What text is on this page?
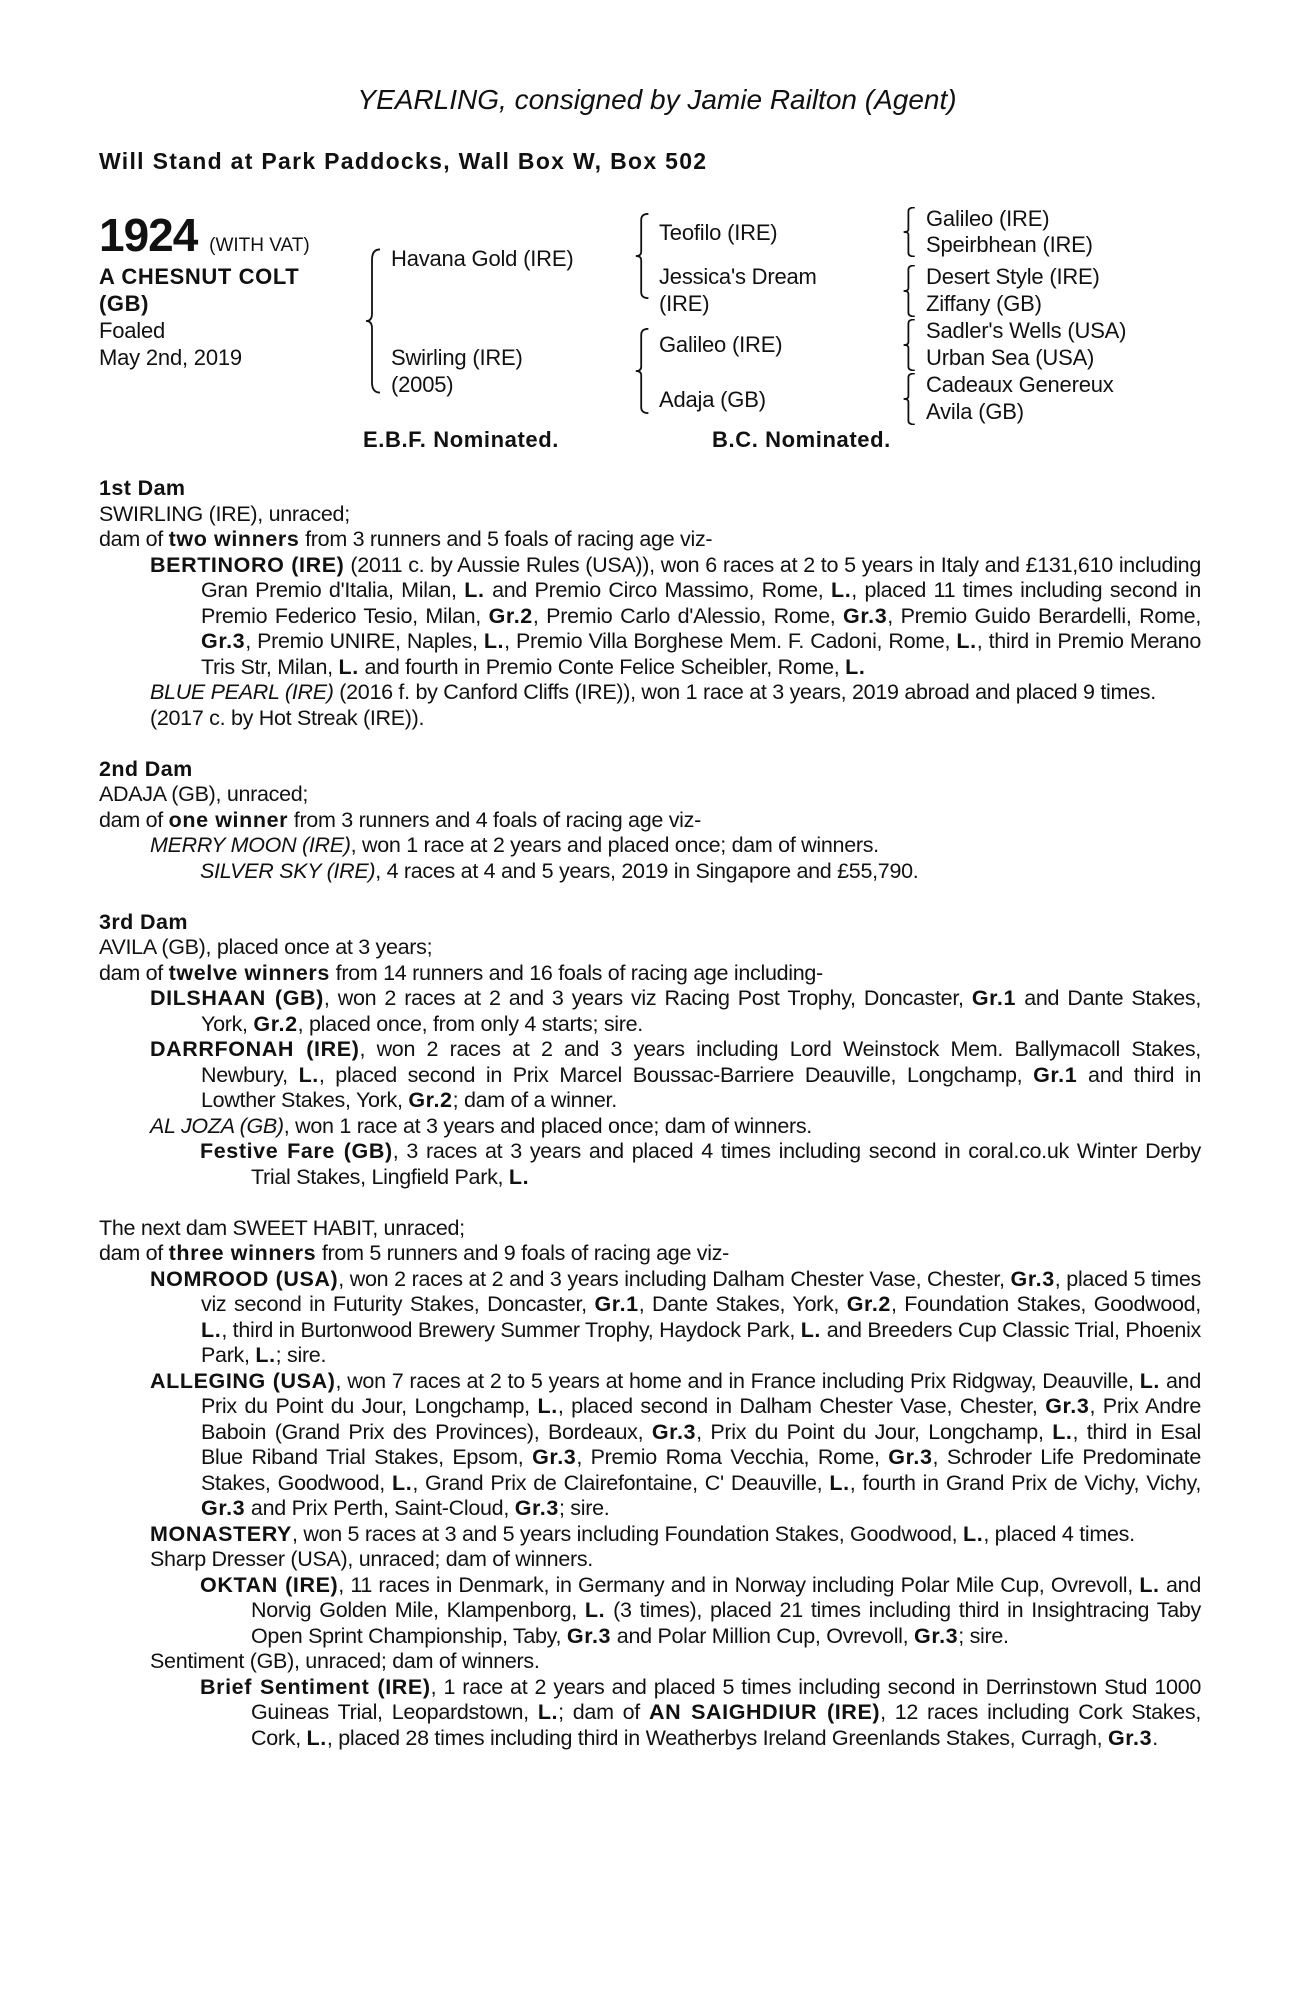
YEARLING, consigned by Jamie Railton (Agent)
Will Stand at Park Paddocks, Wall Box W, Box 502
1924 (WITH VAT)
A CHESNUT COLT
(GB)
Foaled
May 2nd, 2019
Havana Gold (IRE)
Swirling (IRE)
(2005)
Teofilo (IRE)
Jessica's Dream
(IRE)
Galileo (IRE)
Adaja (GB)
Galileo (IRE)
Speirbhean (IRE)
Desert Style (IRE)
Ziffany (GB)
Sadler's Wells (USA)
Urban Sea (USA)
Cadeaux Genereux
Avila (GB)
E.B.F. Nominated.	B.C. Nominated.

1st Dam

SWIRLING (IRE), unraced;

dam of two winners from 3 runners and 5 foals of racing age viz-

BERTINORO (IRE) (2011 c. by Aussie Rules (USA)), won 6 races at 2 to 5 years in Italy and £131,610 including Gran Premio d'Italia, Milan, L. and Premio Circo Massimo, Rome, L., placed 11 times including second in Premio Federico Tesio, Milan, Gr.2, Premio Carlo d'Alessio, Rome, Gr.3, Premio Guido Berardelli, Rome, Gr.3, Premio UNIRE, Naples, L., Premio Villa Borghese Mem. F. Cadoni, Rome, L., third in Premio Merano Tris Str, Milan, L. and fourth in Premio Conte Felice Scheibler, Rome, L.

BLUE PEARL (IRE) (2016 f. by Canford Cliffs (IRE)), won 1 race at 3 years, 2019 abroad and placed 9 times.

(2017 c. by Hot Streak (IRE)).

2nd Dam

ADAJA (GB), unraced;

dam of one winner from 3 runners and 4 foals of racing age viz-

MERRY MOON (IRE), won 1 race at 2 years and placed once; dam of winners.

SILVER SKY (IRE), 4 races at 4 and 5 years, 2019 in Singapore and £55,790.

3rd Dam

AVILA (GB), placed once at 3 years;

dam of twelve winners from 14 runners and 16 foals of racing age including-

DILSHAAN (GB), won 2 races at 2 and 3 years viz Racing Post Trophy, Doncaster, Gr.1 and Dante Stakes, York, Gr.2, placed once, from only 4 starts; sire.

DARRFONAH (IRE), won 2 races at 2 and 3 years including Lord Weinstock Mem. Ballymacoll Stakes, Newbury, L., placed second in Prix Marcel Boussac-Barriere Deauville, Longchamp, Gr.1 and third in Lowther Stakes, York, Gr.2; dam of a winner.

AL JOZA (GB), won 1 race at 3 years and placed once; dam of winners.

Festive Fare (GB), 3 races at 3 years and placed 4 times including second in coral.co.uk Winter Derby Trial Stakes, Lingfield Park, L.

The next dam SWEET HABIT, unraced;

dam of three winners from 5 runners and 9 foals of racing age viz-

NOMROOD (USA), won 2 races at 2 and 3 years including Dalham Chester Vase, Chester, Gr.3, placed 5 times viz second in Futurity Stakes, Doncaster, Gr.1, Dante Stakes, York, Gr.2, Foundation Stakes, Goodwood, L., third in Burtonwood Brewery Summer Trophy, Haydock Park, L. and Breeders Cup Classic Trial, Phoenix Park, L.; sire.

ALLEGING (USA), won 7 races at 2 to 5 years at home and in France including Prix Ridgway, Deauville, L. and Prix du Point du Jour, Longchamp, L., placed second in Dalham Chester Vase, Chester, Gr.3, Prix Andre Baboin (Grand Prix des Provinces), Bordeaux, Gr.3, Prix du Point du Jour, Longchamp, L., third in Esal Blue Riband Trial Stakes, Epsom, Gr.3, Premio Roma Vecchia, Rome, Gr.3, Schroder Life Predominate Stakes, Goodwood, L., Grand Prix de Clairefontaine, C' Deauville, L., fourth in Grand Prix de Vichy, Vichy, Gr.3 and Prix Perth, Saint-Cloud, Gr.3; sire.

MONASTERY, won 5 races at 3 and 5 years including Foundation Stakes, Goodwood, L., placed 4 times.

Sharp Dresser (USA), unraced; dam of winners.

OKTAN (IRE), 11 races in Denmark, in Germany and in Norway including Polar Mile Cup, Ovrevoll, L. and Norvig Golden Mile, Klampenborg, L. (3 times), placed 21 times including third in Insightracing Taby Open Sprint Championship, Taby, Gr.3 and Polar Million Cup, Ovrevoll, Gr.3; sire.

Sentiment (GB), unraced; dam of winners.

Brief Sentiment (IRE), 1 race at 2 years and placed 5 times including second in Derrinstown Stud 1000 Guineas Trial, Leopardstown, L.; dam of AN SAIGHDIUR (IRE), 12 races including Cork Stakes, Cork, L., placed 28 times including third in Weatherbys Ireland Greenlands Stakes, Curragh, Gr.3.
